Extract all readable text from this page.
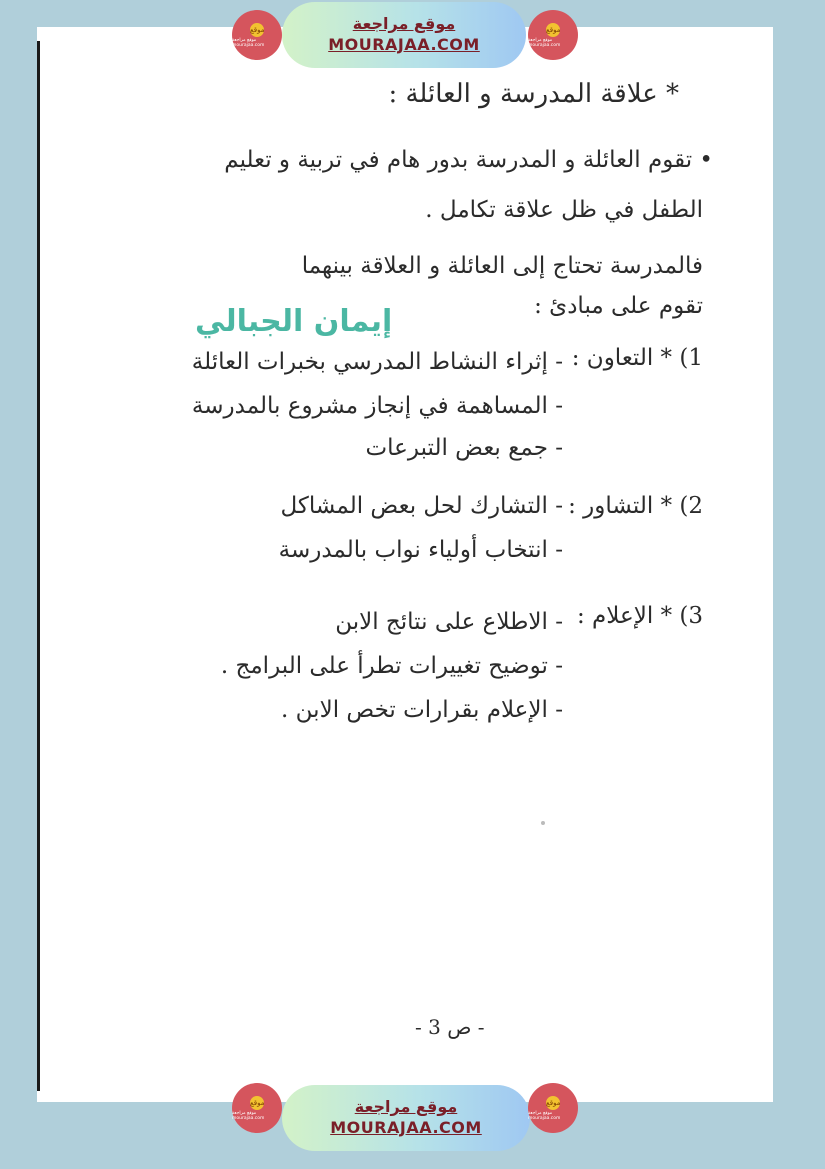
موقع
موقع مراجعة mourajaa.com
موقع مراجعة
MOURAJAA.COM
موقع
موقع مراجعة mourajaa.com
* علاقة المدرسة و العائلة :
• تقوم العائلة و المدرسة بدور هام في تربية و تعليم
الطفل في ظل علاقة تكامل .
فالمدرسة تحتاج إلى العائلة و العلاقة بينهما
تقوم على مبادئ :
إيمان الجبالي
1) * التعاون :
- إثراء النشاط المدرسي بخبرات العائلة
- المساهمة في إنجاز مشروع بالمدرسة
- جمع بعض التبرعات
2) * التشاور :
- التشارك لحل بعض المشاكل
- انتخاب أولياء نواب بالمدرسة
3) * الإعلام :
- الاطلاع على نتائج الابن
- توضيح تغييرات تطرأ على البرامج .
- الإعلام بقرارات تخص الابن .
- ص 3 -
موقع
موقع مراجعة mourajaa.com
موقع مراجعة
MOURAJAA.COM
موقع
موقع مراجعة mourajaa.com
